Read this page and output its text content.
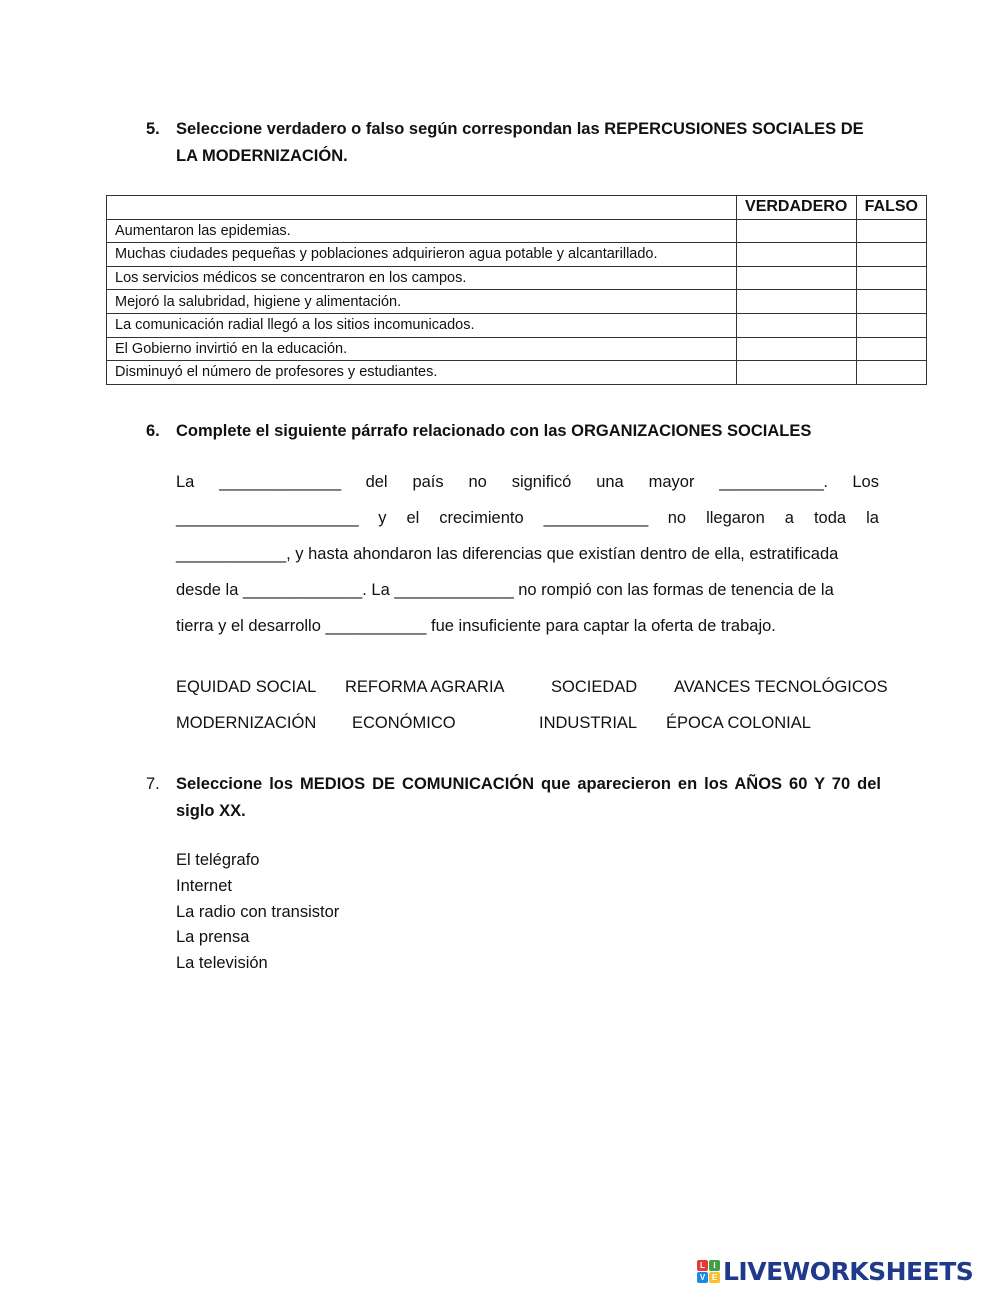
5. Seleccione verdadero o falso según correspondan las REPERCUSIONES SOCIALES DE LA MODERNIZACIÓN.
	VERDADERO	FALSO
Aumentaron las epidemias.		
Muchas ciudades pequeñas y poblaciones adquirieron agua potable y alcantarillado.		
Los servicios médicos se concentraron en los campos.		
Mejoró la salubridad, higiene y alimentación.		
La comunicación radial llegó a los sitios incomunicados.		
El Gobierno invirtió en la educación.		
Disminuyó el número de profesores y estudiantes.		
6. Complete el siguiente párrafo relacionado con las ORGANIZACIONES SOCIALES
La ______________ del país no significó una mayor ____________. Los
_____________________ y el crecimiento ____________ no llegaron a toda la
____________, y hasta ahondaron las diferencias que existían dentro de ella, estratificada
desde la _____________. La _____________ no rompió con las formas de tenencia de la
tierra y el desarrollo ___________ fue insuficiente para captar la oferta de trabajo.
EQUIDAD SOCIAL REFORMA AGRARIA	SOCIEDAD AVANCES TECNOLÓGICOS
MODERNIZACIÓN ECONÓMICO	INDUSTRIAL ÉPOCA COLONIAL
7. Seleccione los MEDIOS DE COMUNICACIÓN que aparecieron en los AÑOS 60 Y 70 del siglo XX.
El telégrafo
Internet
La radio con transistor
La prensa
La televisión
L	I
V E LIVEWORKSHEETS
